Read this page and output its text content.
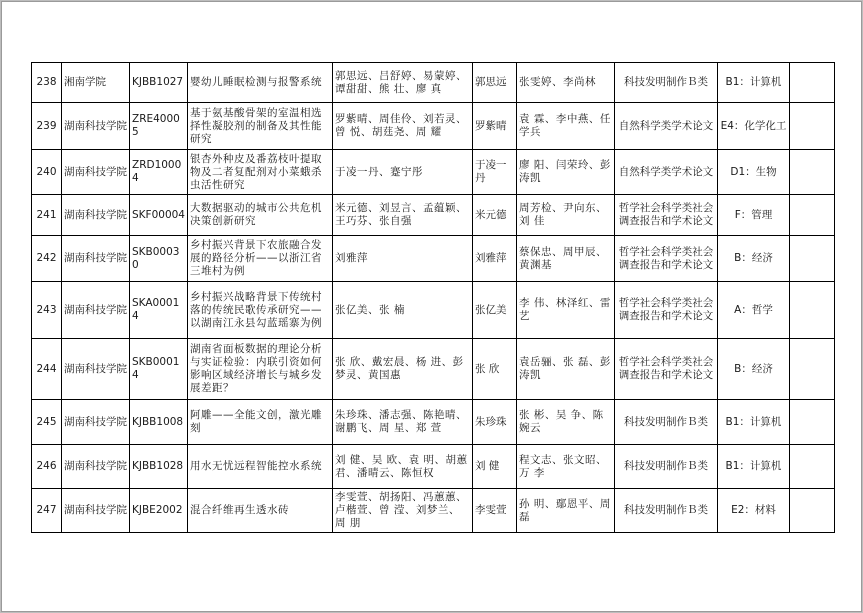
238	湘南学院	KJBB1027	婴幼儿睡眠检测与报警系统	郭思远、吕舒婷、易蒙婷、谭甜甜、熊 壮、廖 真	郭思远	张雯婷、李尚林	科技发明制作Ｂ类	B1：计算机	
239	湖南科技学院	ZRE40005	基于氨基酸骨架的室温相选择性凝胶剂的制备及其性能研究	罗紫晴、周佳伶、刘若灵、曾 悦、胡莛尧、周 耀	罗紫晴	袁 霖、李中燕、任学兵	自然科学类学术论文	E4：化学化工	
240	湖南科技学院	ZRD10004	银杏外种皮及番荔枝叶提取物及二者复配剂对小菜蛾杀虫活性研究	于凌一丹、蹇宁彤	于凌一丹	廖 阳、闫荣玲、彭涛凯	自然科学类学术论文	D1：生物	
241	湖南科技学院	SKF00004	大数据驱动的城市公共危机决策创新研究	米元德、刘昱言、孟蕴颖、王巧芬、张自强	米元德	周芳检、尹向东、刘 佳	哲学社会科学类社会调查报告和学术论文	F：管理	
242	湖南科技学院	SKB00030	乡村振兴背景下农旅融合发展的路径分析——以浙江省三堆村为例	刘雅萍	刘雅萍	蔡保忠、周甲辰、黄渊基	哲学社会科学类社会调查报告和学术论文	B：经济	
243	湖南科技学院	SKA00014	乡村振兴战略背景下传统村落的传统民歌传承研究——以湖南江永县勾蓝瑶寨为例	张亿美、张 楠	张亿美	李 伟、林泽红、雷 艺	哲学社会科学类社会调查报告和学术论文	A：哲学	
244	湖南科技学院	SKB00014	湖南省面板数据的理论分析与实证检验：内联引资如何影响区域经济增长与城乡发展差距？	张 欣、戴宏晨、杨 进、彭梦灵、黄国惠	张 欣	袁岳骊、张 磊、彭涛凯	哲学社会科学类社会调查报告和学术论文	B：经济	
245	湖南科技学院	KJBB1008	阿雕——全能文创，激光雕刻	朱珍珠、潘志强、陈艳晴、谢鹏飞、周 星、郑 萱	朱珍珠	张 彬、吴 争、陈婉云	科技发明制作Ｂ类	B1：计算机	
246	湖南科技学院	KJBB1028	用水无忧远程智能控水系统	刘 健、吴 欧、袁 明、胡蕙君、潘晴云、陈恒权	刘 健	程文志、张文昭、万 李	科技发明制作Ｂ类	B1：计算机	
247	湖南科技学院	KJBE2002	混合纤维再生透水砖	李雯萱、胡扬阳、冯蕙蕙、卢楷萱、曾 滢、刘梦兰、周 朋	李雯萱	孙 明、鄢恩平、周 磊	科技发明制作Ｂ类	E2：材料	
